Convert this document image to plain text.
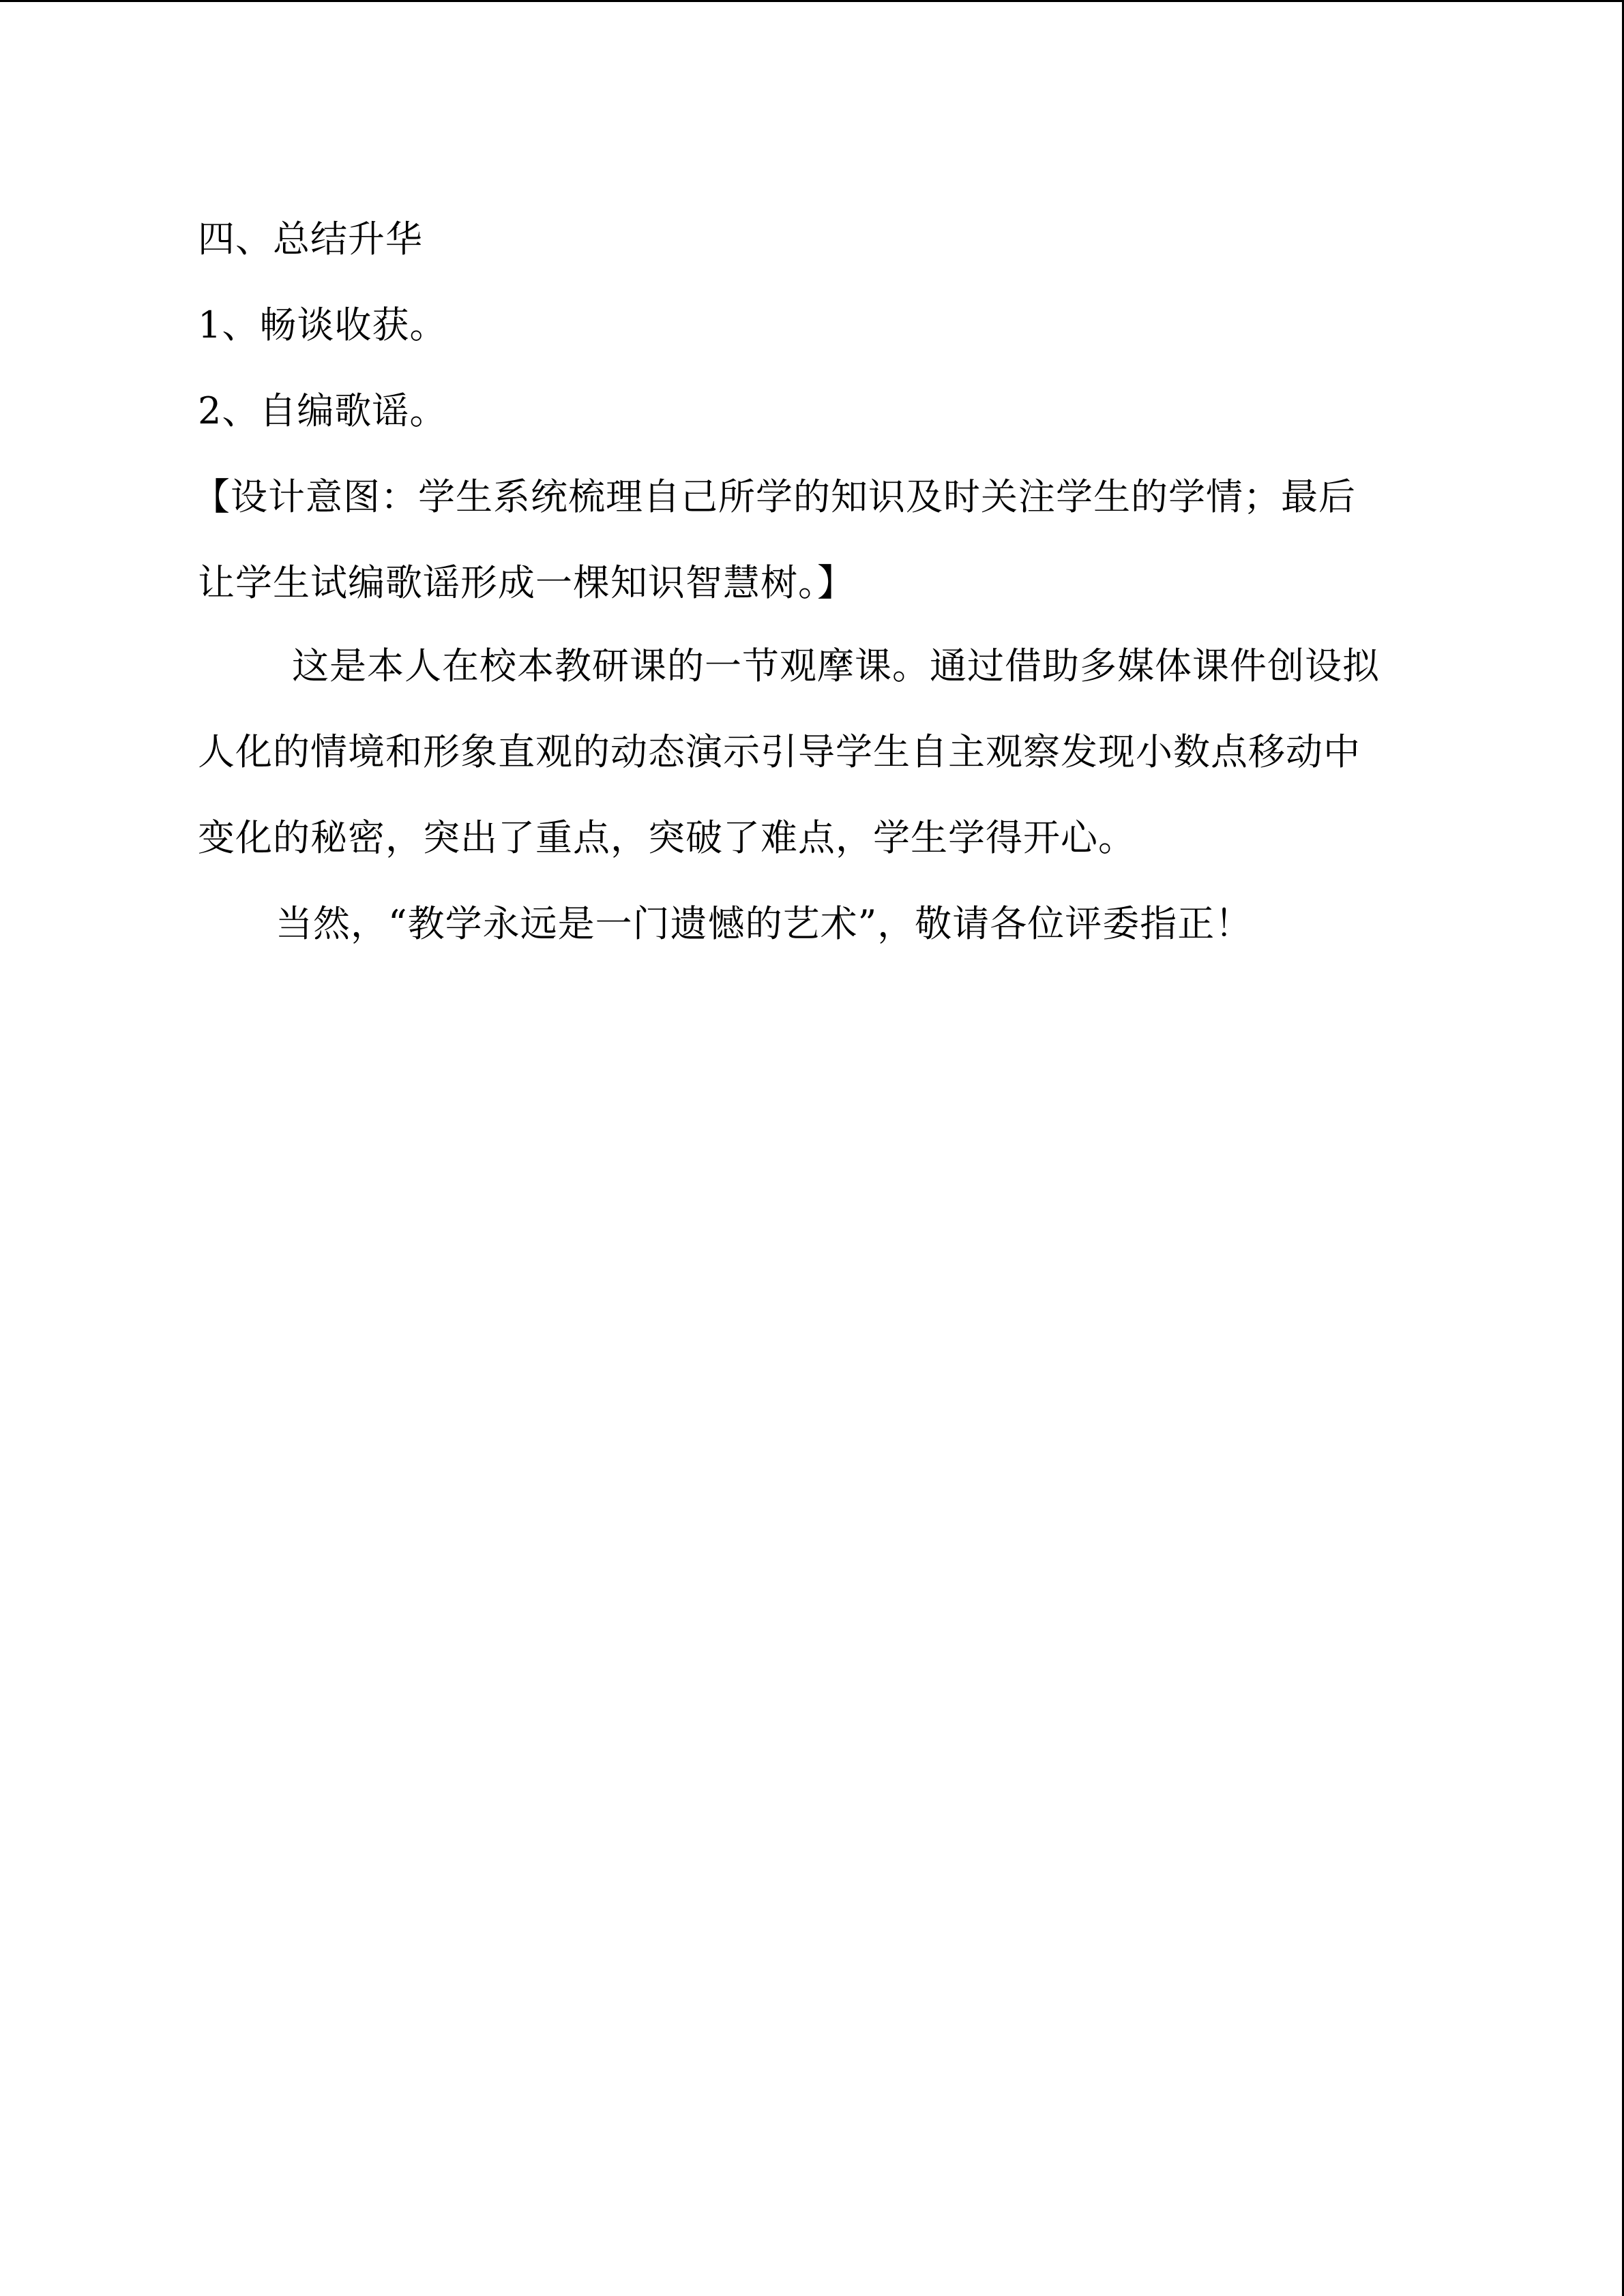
四、总结升华
1、畅谈收获。
2、自编歌谣。
【设计意图：学生系统梳理自己所学的知识及时关注学生的学情；最后
让学生试编歌谣形成一棵知识智慧树。】
这是本人在校本教研课的一节观摩课。通过借助多媒体课件创设拟
人化的情境和形象直观的动态演示引导学生自主观察发现小数点移动中
变化的秘密，突出了重点，突破了难点，学生学得开心。
当然，“教学永远是一门遗憾的艺术”，敬请各位评委指正！
